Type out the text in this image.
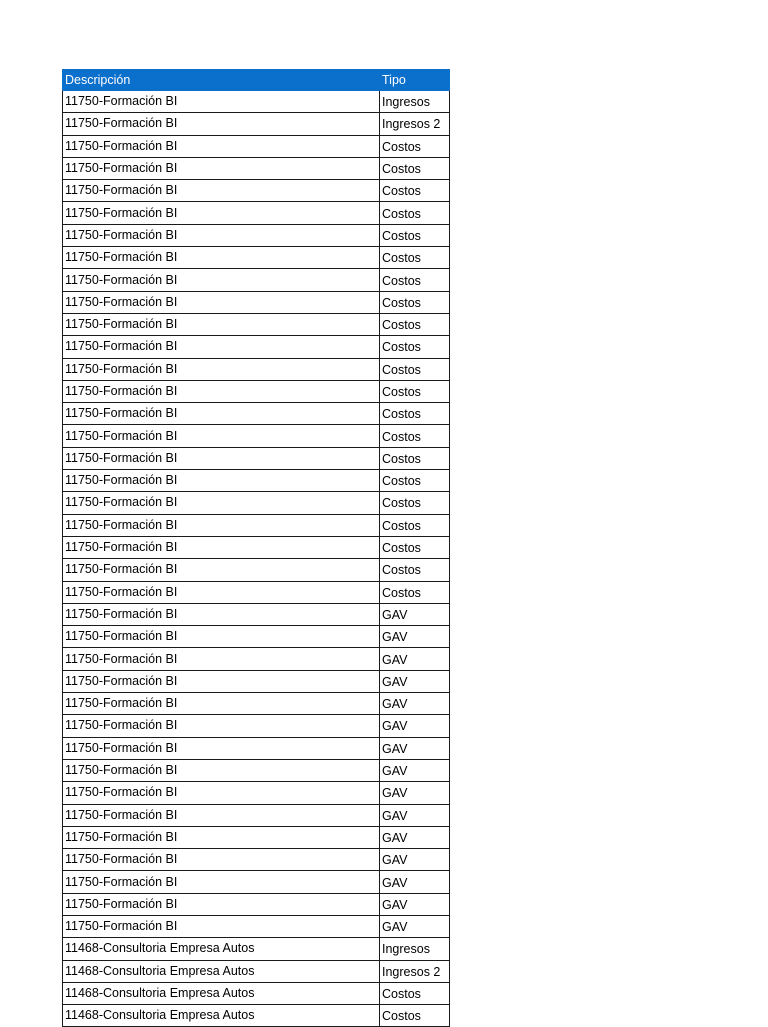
Descripción	Tipo
11750-Formación BI	Ingresos
11750-Formación BI	Ingresos 2
11750-Formación BI	Costos
11750-Formación BI	Costos
11750-Formación BI	Costos
11750-Formación BI	Costos
11750-Formación BI	Costos
11750-Formación BI	Costos
11750-Formación BI	Costos
11750-Formación BI	Costos
11750-Formación BI	Costos
11750-Formación BI	Costos
11750-Formación BI	Costos
11750-Formación BI	Costos
11750-Formación BI	Costos
11750-Formación BI	Costos
11750-Formación BI	Costos
11750-Formación BI	Costos
11750-Formación BI	Costos
11750-Formación BI	Costos
11750-Formación BI	Costos
11750-Formación BI	Costos
11750-Formación BI	Costos
11750-Formación BI	GAV
11750-Formación BI	GAV
11750-Formación BI	GAV
11750-Formación BI	GAV
11750-Formación BI	GAV
11750-Formación BI	GAV
11750-Formación BI	GAV
11750-Formación BI	GAV
11750-Formación BI	GAV
11750-Formación BI	GAV
11750-Formación BI	GAV
11750-Formación BI	GAV
11750-Formación BI	GAV
11750-Formación BI	GAV
11750-Formación BI	GAV
11468-Consultoria Empresa Autos	Ingresos
11468-Consultoria Empresa Autos	Ingresos 2
11468-Consultoria Empresa Autos	Costos
11468-Consultoria Empresa Autos	Costos
